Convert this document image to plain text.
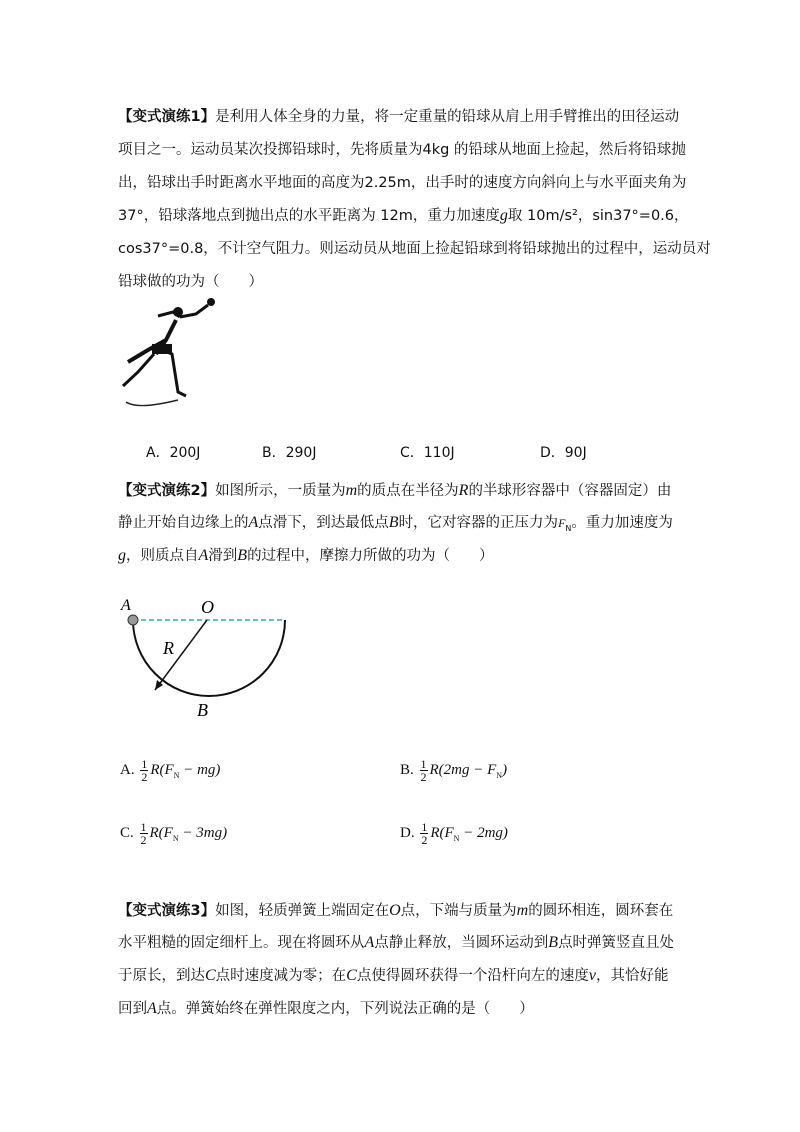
【变式演练1】是利用人体全身的力量，将一定重量的铅球从肩上用手臂推出的田径运动
项目之一。运动员某次投掷铅球时，先将质量为4kg 的铅球从地面上捡起，然后将铅球抛
出，铅球出手时距离水平地面的高度为2.25m，出手时的速度方向斜向上与水平面夹角为
37°，铅球落地点到抛出点的水平距离为 12m，重力加速度g取 10m/s²，sin37°=0.6，
cos37°=0.8，不计空气阻力。则运动员从地面上捡起铅球到将铅球抛出的过程中，运动员对
铅球做的功为（　　）
A．200J	B．290J	C．110J	D．90J
【变式演练2】如图所示，一质量为m的质点在半径为R的半球形容器中（容器固定）由
静止开始自边缘上的A点滑下，到达最低点B时，它对容器的正压力为$F_N$。重力加速度为
g，则质点自A滑到B的过程中，摩擦力所做的功为（　　）
A	O
R
B
A. $\frac{1}{2} R(F_N - mg)$	B. $\frac{1}{2} R(2mg - F_N)$
C. $\frac{1}{2} R(F_N - 3mg)$	D. $\frac{1}{2} R(F_N - 2mg)$
【变式演练3】如图，轻质弹簧上端固定在O点，下端与质量为m的圆环相连，圆环套在
水平粗糙的固定细杆上。现在将圆环从A点静止释放，当圆环运动到B点时弹簧竖直且处
于原长，到达C点时速度减为零；在C点使得圆环获得一个沿杆向左的速度v，其恰好能
回到A点。弹簧始终在弹性限度之内，下列说法正确的是（　　）
